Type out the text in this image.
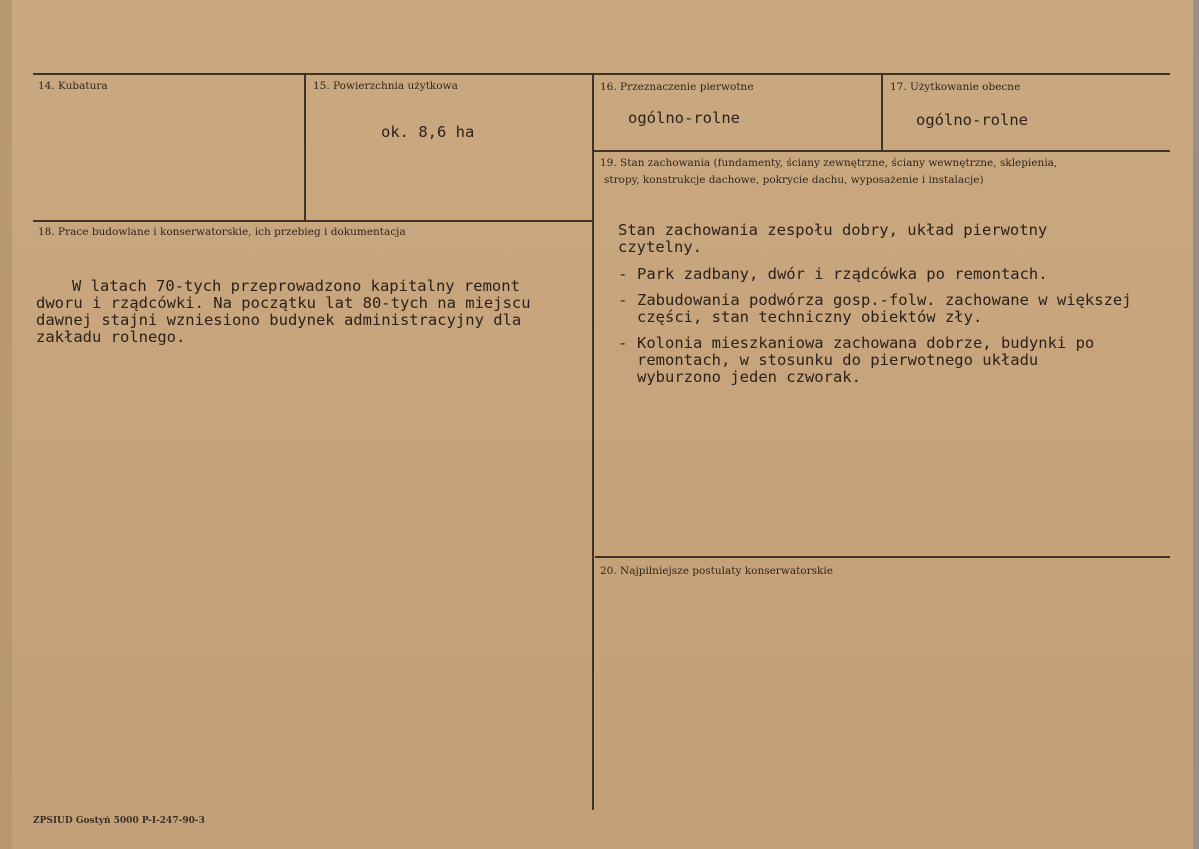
14. Kubatura	15. Powierzchnia użytkowa
ok. 8,6 ha
16. Przeznaczenie pierwotne
ogólno-rolne
17. Użytkowanie obecne
ogólno-rolne
18. Prace budowlane i konserwatorskie, ich przebieg i dokumentacja
W latach 70-tych przeprowadzono kapitalny remont
dworu i rządcówki. Na początku lat 80-tych na miejscu
dawnej stajni wzniesiono budynek administracyjny dla
zakładu rolnego.
19. Stan zachowania (fundamenty, ściany zewnętrzne, ściany wewnętrzne, sklepienia,
stropy, konstrukcje dachowe, pokrycie dachu, wyposażenie i instalacje)
Stan zachowania zespołu dobry, układ pierwotny
czytelny.
- Park zadbany, dwór i rządcówka po remontach.
- Zabudowania podwórza gosp.-folw. zachowane w większej
części, stan techniczny obiektów zły.
- Kolonia mieszkaniowa zachowana dobrze, budynki po
remontach, w stosunku do pierwotnego układu
wyburzono jeden czworak.
20. Najpilniejsze postulaty konserwatorskie
ZPSIUD Gostyń 5000 P-I-247-90-3
